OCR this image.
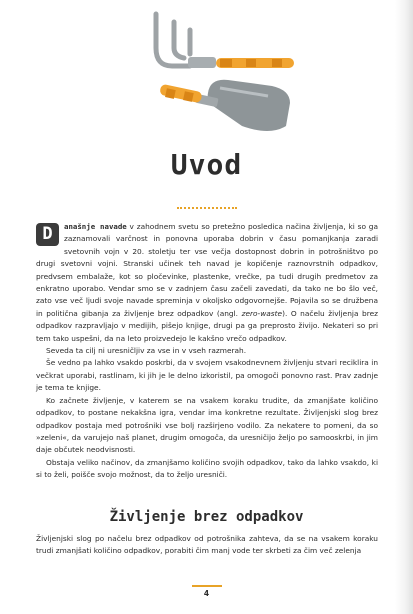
Uvod

D	anašnje navade v zahodnem svetu so pretežno posledica načina življenja, ki so ga zaznamovali varčnost in ponovna uporaba dobrin v času pomanjkanja zaradi svetovnih vojn v 20. stoletju ter vse večja dostopnost dobrin in potrošništvo po drugi svetovni vojni. Stranski učinek teh navad je kopičenje raznovrstnih odpadkov, predvsem embalaže, kot so pločevinke, plastenke, vrečke, pa tudi drugih predmetov za enkratno uporabo. Vendar smo se v zadnjem času začeli zavedati, da tako ne bo šlo več, zato vse več ljudi svoje navade spreminja v okoljsko odgovornejše. Pojavila so se družbena in politična gibanja za življenje brez odpadkov (angl. zero-waste). O načelu življenja brez odpadkov razpravljajo v medijih, pišejo knjige, drugi pa ga preprosto živijo. Nekateri so pri tem tako uspešni, da na leto proizvedejo le kakšno vrečo odpadkov.

Seveda ta cilj ni uresničljiv za vse in v vseh razmerah.

Še vedno pa lahko vsakdo poskrbi, da v svojem vsakodnevnem življenju stvari reciklira in večkrat uporabi, rastlinam, ki jih je le delno izkoristil, pa omogoči ponovno rast. Prav zadnje je tema te knjige.

Ko začnete življenje, v katerem se na vsakem koraku trudite, da zmanjšate količino odpadkov, to postane nekakšna igra, vendar ima konkretne rezultate. Življenjski slog brez odpadkov postaja med potrošniki vse bolj razširjeno vodilo. Za nekatere to pomeni, da so »zeleni«, da varujejo naš planet, drugim omogoča, da uresničijo željo po samooskrbi, in jim daje občutek neodvisnosti.

Obstaja veliko načinov, da zmanjšamo količino svojih odpadkov, tako da lahko vsakdo, ki si to želi, poišče svojo možnost, da to željo uresniči.

Življenje brez odpadkov

Življenjski slog po načelu brez odpadkov od potrošnika zahteva, da se na vsakem koraku trudi zmanjšati količino odpadkov, porabiti čim manj vode ter skrbeti za čim več zelenja

4
